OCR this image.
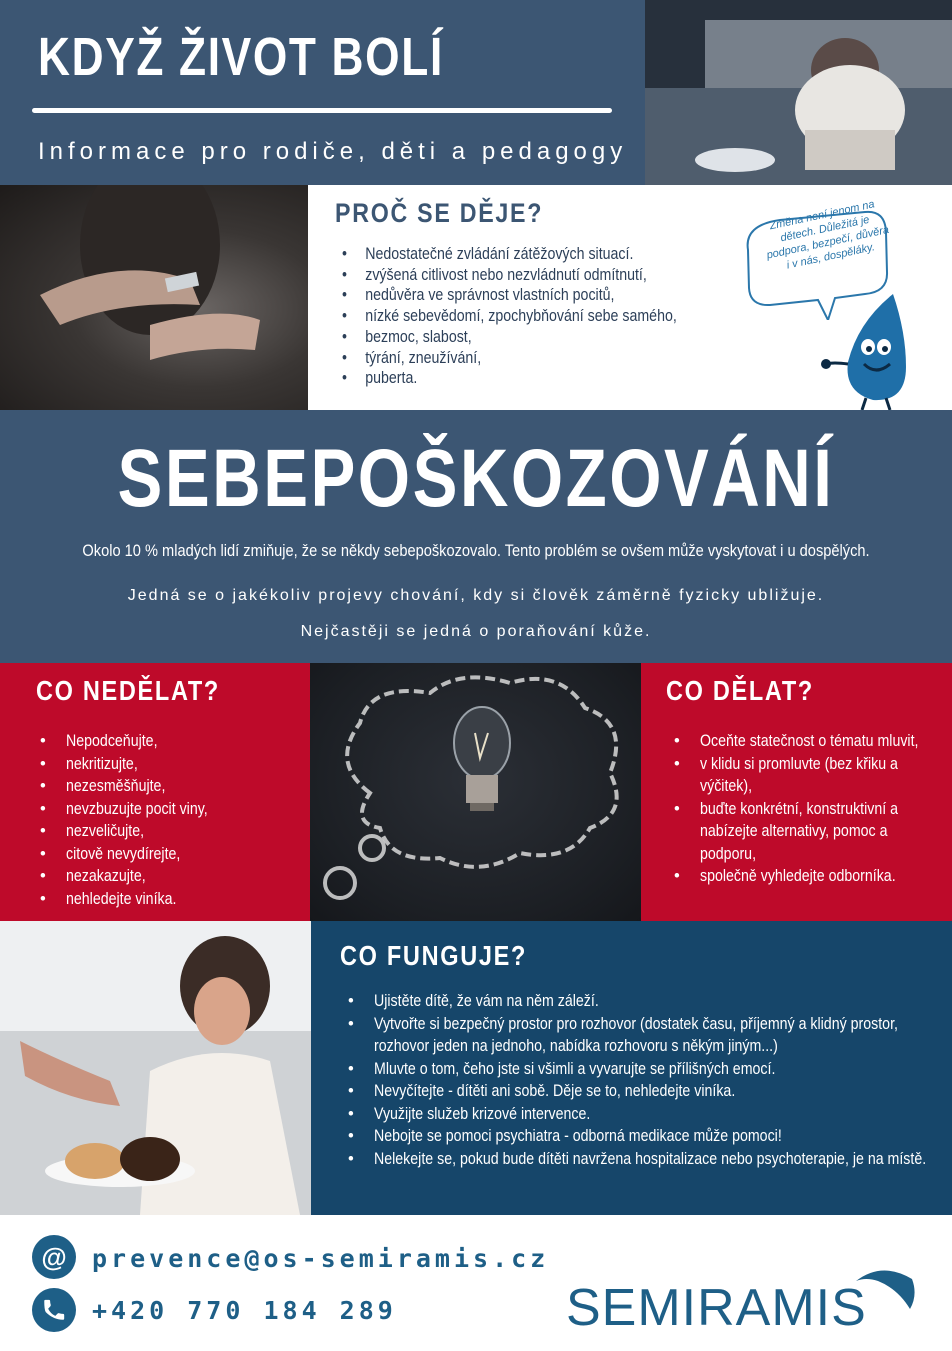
KDYŽ ŽIVOT BOLÍ
Informace pro rodiče, děti a pedagogy
PROČ SE DĚJE?
• Nedostatečné zvládání zátěžových situací.
• zvýšená citlivost nebo nezvládnutí odmítnutí,
• nedůvěra ve správnost vlastních pocitů,
• nízké sebevědomí, zpochybňování sebe samého,
• bezmoc, slabost,
• týrání, zneužívání,
• puberta.
Změna není jenom na dětech. Důležitá je podpora, bezpečí, důvěra i v nás, dospěláky.
SEBEPOŠKOZOVÁNÍ
Okolo 10 % mladých lidí zmiňuje, že se někdy sebepoškozovalo. Tento problém se ovšem může vyskytovat i u dospělých.
Jedná se o jakékoliv projevy chování, kdy si člověk záměrně fyzicky ubližuje.
Nejčastěji se jedná o poraňování kůže.
CO NEDĚLAT?
• Nepodceňujte,
• nekritizujte,
• nezesměšňujte,
• nevzbuzujte pocit viny,
• nezveličujte,
• citově nevydírejte,
• nezakazujte,
• nehledejte viníka.
CO DĚLAT?
• Oceňte statečnost o tématu mluvit,
• v klidu si promluvte (bez křiku a výčitek),
• buďte konkrétní, konstruktivní a nabízejte alternativy, pomoc a podporu,
• společně vyhledejte odborníka.
CO FUNGUJE?
• Ujistěte dítě, že vám na něm záleží.
• Vytvořte si bezpečný prostor pro rozhovor (dostatek času, příjemný a klidný prostor, rozhovor jeden na jednoho, nabídka rozhovoru s někým jiným...)
• Mluvte o tom, čeho jste si všimli a vyvarujte se přílišných emocí.
• Nevyčítejte - dítěti ani sobě. Děje se to, nehledejte viníka.
• Využijte služeb krizové intervence.
• Nebojte se pomoci psychiatra - odborná medikace může pomoci!
• Nelekejte se, pokud bude dítěti navržena hospitalizace nebo psychoterapie, je na místě.
@	prevence@os-semiramis.cz
+420 770 184 289	SEMIRAMIS
